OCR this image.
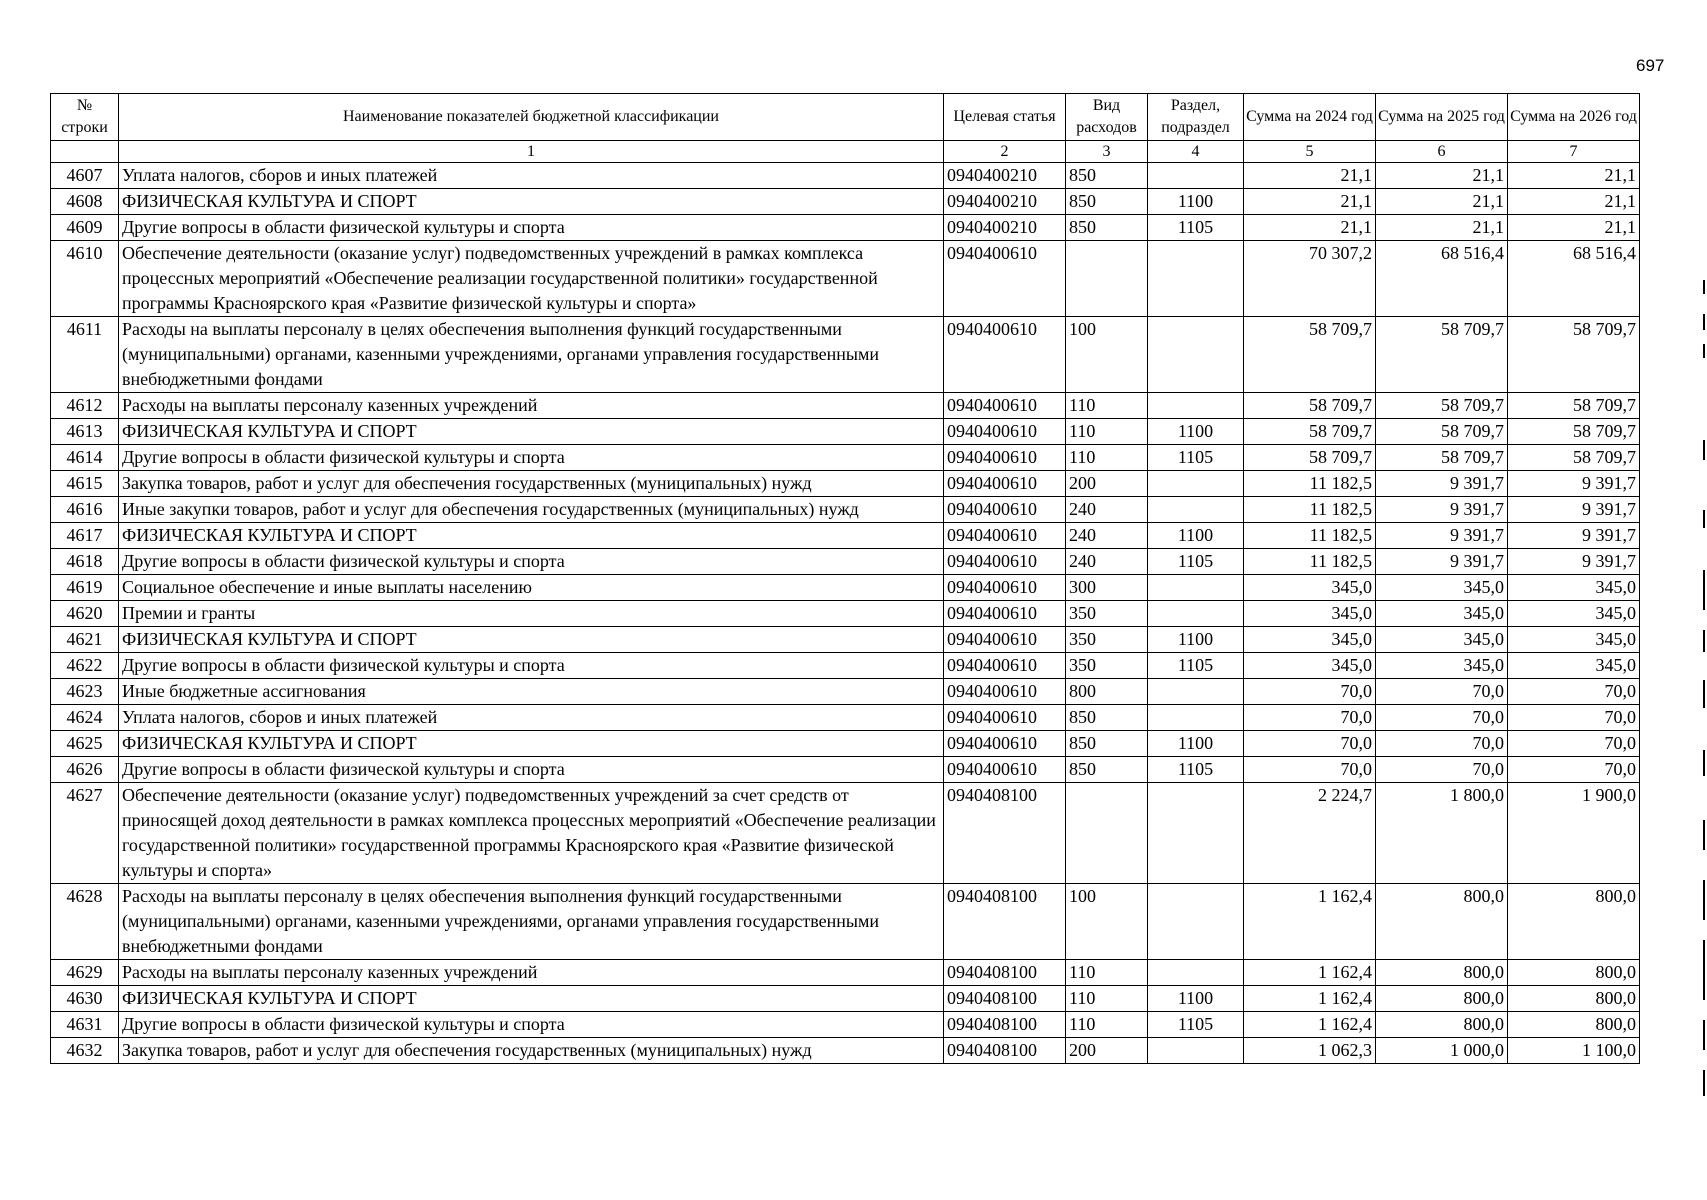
697
№ строки	Наименование показателей бюджетной классификации	Целевая статья	Вид расходов	Раздел, подраздел	Сумма на 2024 год	Сумма на 2025 год	Сумма на 2026 год
	1	2	3	4	5	6	7
4607	Уплата налогов, сборов и иных платежей	0940400210	850		21,1	21,1	21,1
4608	ФИЗИЧЕСКАЯ КУЛЬТУРА И СПОРТ	0940400210	850	1100	21,1	21,1	21,1
4609	Другие вопросы в области физической культуры и спорта	0940400210	850	1105	21,1	21,1	21,1
4610	Обеспечение деятельности (оказание услуг) подведомственных учреждений в рамках комплекса процессных мероприятий «Обеспечение реализации государственной политики» государственной программы Красноярского края «Развитие физической культуры и спорта»	0940400610			70 307,2	68 516,4	68 516,4
4611	Расходы на выплаты персоналу в целях обеспечения выполнения функций государственными (муниципальными) органами, казенными учреждениями, органами управления государственными внебюджетными фондами	0940400610	100		58 709,7	58 709,7	58 709,7
4612	Расходы на выплаты персоналу казенных учреждений	0940400610	110		58 709,7	58 709,7	58 709,7
4613	ФИЗИЧЕСКАЯ КУЛЬТУРА И СПОРТ	0940400610	110	1100	58 709,7	58 709,7	58 709,7
4614	Другие вопросы в области физической культуры и спорта	0940400610	110	1105	58 709,7	58 709,7	58 709,7
4615	Закупка товаров, работ и услуг для обеспечения государственных (муниципальных) нужд	0940400610	200		11 182,5	9 391,7	9 391,7
4616	Иные закупки товаров, работ и услуг для обеспечения государственных (муниципальных) нужд	0940400610	240		11 182,5	9 391,7	9 391,7
4617	ФИЗИЧЕСКАЯ КУЛЬТУРА И СПОРТ	0940400610	240	1100	11 182,5	9 391,7	9 391,7
4618	Другие вопросы в области физической культуры и спорта	0940400610	240	1105	11 182,5	9 391,7	9 391,7
4619	Социальное обеспечение и иные выплаты населению	0940400610	300		345,0	345,0	345,0
4620	Премии и гранты	0940400610	350		345,0	345,0	345,0
4621	ФИЗИЧЕСКАЯ КУЛЬТУРА И СПОРТ	0940400610	350	1100	345,0	345,0	345,0
4622	Другие вопросы в области физической культуры и спорта	0940400610	350	1105	345,0	345,0	345,0
4623	Иные бюджетные ассигнования	0940400610	800		70,0	70,0	70,0
4624	Уплата налогов, сборов и иных платежей	0940400610	850		70,0	70,0	70,0
4625	ФИЗИЧЕСКАЯ КУЛЬТУРА И СПОРТ	0940400610	850	1100	70,0	70,0	70,0
4626	Другие вопросы в области физической культуры и спорта	0940400610	850	1105	70,0	70,0	70,0
4627	Обеспечение деятельности (оказание услуг) подведомственных учреждений за счет средств от приносящей доход деятельности в рамках комплекса процессных мероприятий «Обеспечение реализации государственной политики» государственной программы Красноярского края «Развитие физической культуры и спорта»	0940408100			2 224,7	1 800,0	1 900,0
4628	Расходы на выплаты персоналу в целях обеспечения выполнения функций государственными (муниципальными) органами, казенными учреждениями, органами управления государственными внебюджетными фондами	0940408100	100		1 162,4	800,0	800,0
4629	Расходы на выплаты персоналу казенных учреждений	0940408100	110		1 162,4	800,0	800,0
4630	ФИЗИЧЕСКАЯ КУЛЬТУРА И СПОРТ	0940408100	110	1100	1 162,4	800,0	800,0
4631	Другие вопросы в области физической культуры и спорта	0940408100	110	1105	1 162,4	800,0	800,0
4632	Закупка товаров, работ и услуг для обеспечения государственных (муниципальных) нужд	0940408100	200		1 062,3	1 000,0	1 100,0
